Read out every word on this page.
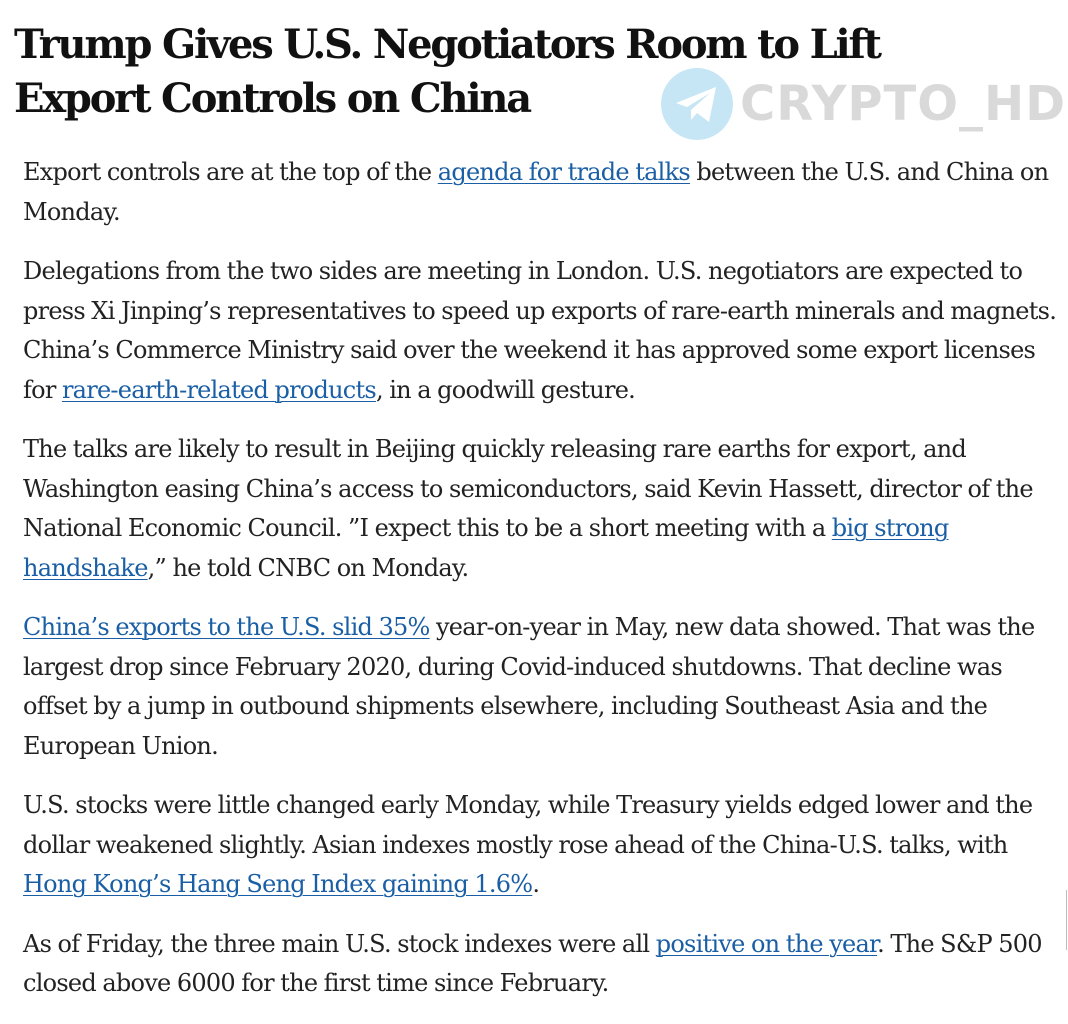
Trump Gives U.S. Negotiators Room to Lift Export Controls on China	CRYPTO_HD

Export controls are at the top of the agenda for trade talks between the U.S. and China on Monday.

Delegations from the two sides are meeting in London. U.S. negotiators are expected to press Xi Jinping’s representatives to speed up exports of rare-earth minerals and magnets. China’s Commerce Ministry said over the weekend it has approved some export licenses for rare-earth-related products, in a goodwill gesture.

The talks are likely to result in Beijing quickly releasing rare earths for export, and Washington easing China’s access to semiconductors, said Kevin Hassett, director of the National Economic Council. ”I expect this to be a short meeting with a big strong handshake,” he told CNBC on Monday.

China’s exports to the U.S. slid 35% year-on-year in May, new data showed. That was the largest drop since February 2020, during Covid-induced shutdowns. That decline was offset by a jump in outbound shipments elsewhere, including Southeast Asia and the European Union.

U.S. stocks were little changed early Monday, while Treasury yields edged lower and the dollar weakened slightly. Asian indexes mostly rose ahead of the China-U.S. talks, with Hong Kong’s Hang Seng Index gaining 1.6%.

As of Friday, the three main U.S. stock indexes were all positive on the year. The S&P 500 closed above 6000 for the first time since February.
